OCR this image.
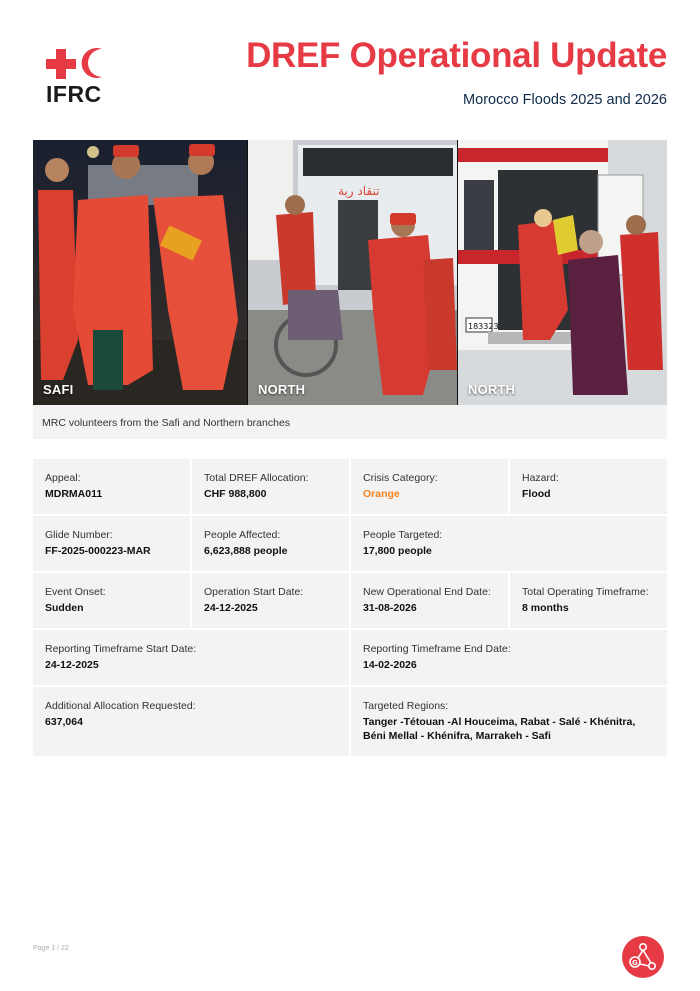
IFRC
DREF Operational Update
Morocco Floods 2025 and 2026
SAFI
تنقاد ربة
NORTH
183323
NORTH
MRC volunteers from the Safi and Northern branches
Appeal:
MDRMA011
Total DREF Allocation:
CHF 988,800
Crisis Category:
Orange
Hazard:
Flood
Glide Number:
FF-2025-000223-MAR
People Affected:
6,623,888 people
People Targeted:
17,800 people
Event Onset:
Sudden
Operation Start Date:
24-12-2025
New Operational End Date:
31-08-2026
Total Operating Timeframe:
8 months
Reporting Timeframe Start Date:
24-12-2025
Reporting Timeframe End Date:
14-02-2026
Additional Allocation Requested:
637,064
Targeted Regions:
Tanger -Tétouan -Al Houceima, Rabat - Salé - Khénitra, Béni Mellal - Khénifra, Marrakeh - Safi
Page 1 / 22
G
